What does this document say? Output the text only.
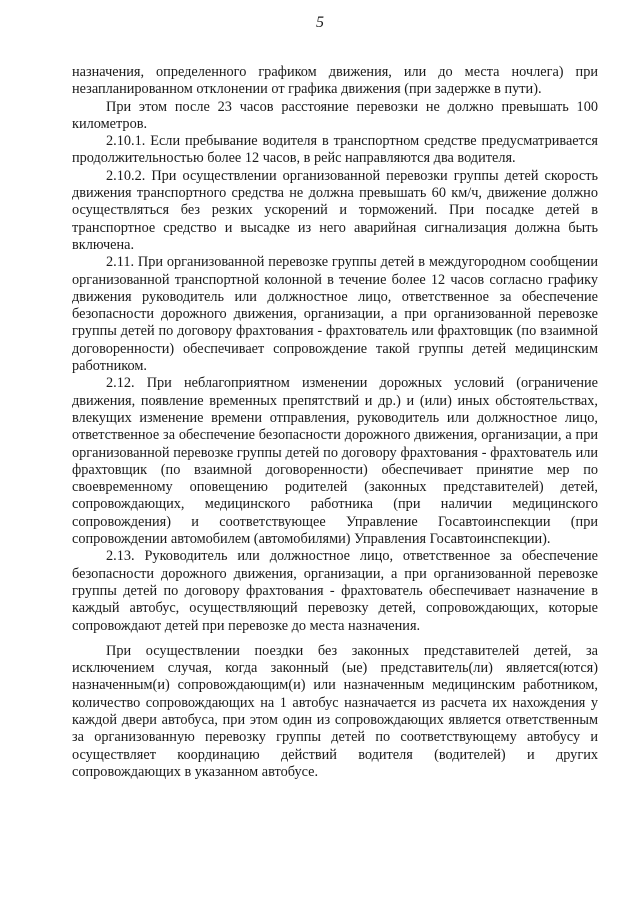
5

назначения, определенного графиком движения, или до места ночлега) при незапланированном отклонении от графика движения (при задержке в пути).

При этом после 23 часов расстояние перевозки не должно превышать 100 километров.

2.10.1. Если пребывание водителя в транспортном средстве предусматривается продолжительностью более 12 часов, в рейс направляются два водителя.

2.10.2. При осуществлении организованной перевозки группы детей скорость движения транспортного средства не должна превышать 60 км/ч, движение должно осуществляться без резких ускорений и торможений. При посадке детей в транспортное средство и высадке из него аварийная сигнализация должна быть включена.

2.11. При организованной перевозке группы детей в междугородном сообщении организованной транспортной колонной в течение более 12 часов согласно графику движения руководитель или должностное лицо, ответственное за обеспечение безопасности дорожного движения, организации, а при организованной перевозке группы детей по договору фрахтования - фрахтователь или фрахтовщик (по взаимной договоренности) обеспечивает сопровождение такой группы детей медицинским работником.

2.12. При неблагоприятном изменении дорожных условий (ограничение движения, появление временных препятствий и др.) и (или) иных обстоятельствах, влекущих изменение времени отправления, руководитель или должностное лицо, ответственное за обеспечение безопасности дорожного движения, организации, а при организованной перевозке группы детей по договору фрахтования - фрахтователь или фрахтовщик (по взаимной договоренности) обеспечивает принятие мер по своевременному оповещению родителей (законных представителей) детей, сопровождающих, медицинского работника (при наличии медицинского сопровождения) и соответствующее Управление Госавтоинспекции (при сопровождении автомобилем (автомобилями) Управления Госавтоинспекции).

2.13. Руководитель или должностное лицо, ответственное за обеспечение безопасности дорожного движения, организации, а при организованной перевозке группы детей по договору фрахтования - фрахтователь обеспечивает назначение в каждый автобус, осуществляющий перевозку детей, сопровождающих, которые сопровождают детей при перевозке до места назначения.

При осуществлении поездки без законных представителей детей, за исключением случая, когда законный (ые) представитель(ли) является(ются) назначенным(и) сопровождающим(и) или назначенным медицинским работником, количество сопровождающих на 1 автобус назначается из расчета их нахождения у каждой двери автобуса, при этом один из сопровождающих является ответственным за организованную перевозку группы детей по соответствующему автобусу и осуществляет координацию действий водителя (водителей) и других сопровождающих в указанном автобусе.
